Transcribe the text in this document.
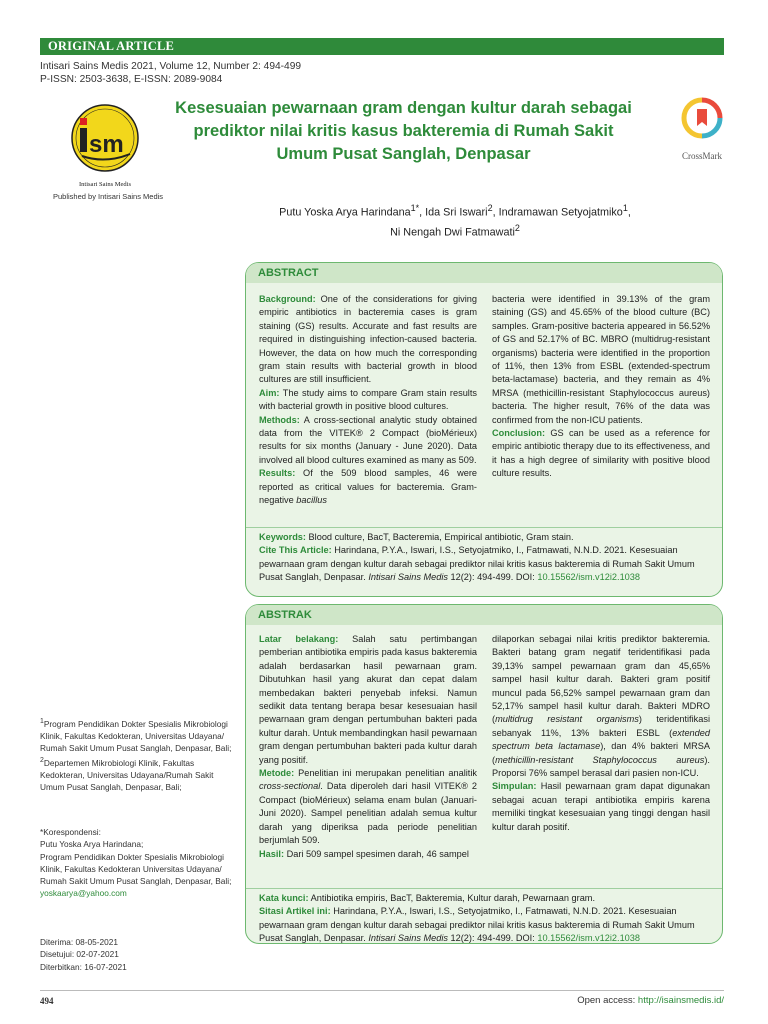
ORIGINAL ARTICLE
Intisari Sains Medis 2021, Volume 12, Number 2: 494-499
P-ISSN: 2503-3638, E-ISSN: 2089-9084
sm
Intisari Sains Medis
Published by Intisari Sains Medis
Kesesuaian pewarnaan gram dengan kultur darah sebagai prediktor nilai kritis kasus bakteremia di Rumah Sakit Umum Pusat Sanglah, Denpasar	CrossMark
Putu Yoska Arya Harindana$^{1*}$, Ida Sri Iswari$^2$, Indramawan Setyojatmiko$^1$,
Ni Nengah Dwi Fatmawati$^2$
ABSTRACT
Background: One of the considerations for giving empiric antibiotics in bacteremia cases is gram staining (GS) results. Accurate and fast results are required in distinguishing infection-caused bacteria. However, the data on how much the corresponding gram stain results with bacterial growth in blood cultures are still insufficient.
Aim: The study aims to compare Gram stain results with bacterial growth in positive blood cultures.
Methods: A cross-sectional analytic study obtained data from the VITEK® 2 Compact (bioMérieux) results for six months (January - June 2020). Data involved all blood cultures examined as many as 509.
Results: Of the 509 blood samples, 46 were reported as critical values for bacteremia. Gram-negative bacillus
bacteria were identified in 39.13% of the gram staining (GS) and 45.65% of the blood culture (BC) samples. Gram-positive bacteria appeared in 56.52% of GS and 52.17% of BC. MBRO (multidrug-resistant organisms) bacteria were identified in the proportion of 11%, then 13% from ESBL (extended-spectrum beta-lactamase) bacteria, and they remain as 4% MRSA (methicillin-resistant Staphylococcus aureus) bacteria. The higher result, 76% of the data was confirmed from the non-ICU patients.
Conclusion: GS can be used as a reference for empiric antibiotic therapy due to its effectiveness, and it has a high degree of similarity with positive blood culture results.
Keywords: Blood culture, BacT, Bacteremia, Empirical antibiotic, Gram stain.
Cite This Article: Harindana, P.Y.A., Iswari, I.S., Setyojatmiko, I., Fatmawati, N.N.D. 2021. Kesesuaian pewarnaan gram dengan kultur darah sebagai prediktor nilai kritis kasus bakteremia di Rumah Sakit Umum Pusat Sanglah, Denpasar. Intisari Sains Medis 12(2): 494-499. DOI: 10.15562/ism.v12i2.1038
ABSTRAK
Latar belakang: Salah satu pertimbangan pemberian antibiotika empiris pada kasus bakteremia adalah berdasarkan hasil pewarnaan gram. Dibutuhkan hasil yang akurat dan cepat dalam membedakan bakteri penyebab infeksi. Namun sedikit data tentang berapa besar kesesuaian hasil pewarnaan gram dengan pertumbuhan bakteri pada kultur darah. Untuk membandingkan hasil pewarnaan gram dengan pertumbuhan bakteri pada kultur darah yang positif.
Metode: Penelitian ini merupakan penelitian analitik cross-sectional. Data diperoleh dari hasil VITEK® 2 Compact (bioMérieux) selama enam bulan (Januari-Juni 2020). Sampel penelitian adalah semua kultur darah yang diperiksa pada periode penelitian berjumlah 509.
Hasil: Dari 509 sampel spesimen darah, 46 sampel
dilaporkan sebagai nilai kritis prediktor bakteremia. Bakteri batang gram negatif teridentifikasi pada 39,13% sampel pewarnaan gram dan 45,65% sampel hasil kultur darah. Bakteri gram positif muncul pada 56,52% sampel pewarnaan gram dan 52,17% sampel hasil kultur darah. Bakteri MDRO (multidrug resistant organisms) teridentifikasi sebanyak 11%, 13% bakteri ESBL (extended spectrum beta lactamase), dan 4% bakteri MRSA (methicillin-resistant Staphylococcus aureus). Proporsi 76% sampel berasal dari pasien non-ICU.
Simpulan: Hasil pewarnaan gram dapat digunakan sebagai acuan terapi antibiotika empiris karena memiliki tingkat kesesuaian yang tinggi dengan hasil kultur darah positif.
Kata kunci: Antibiotika empiris, BacT, Bakteremia, Kultur darah, Pewarnaan gram.
Sitasi Artikel ini: Harindana, P.Y.A., Iswari, I.S., Setyojatmiko, I., Fatmawati, N.N.D. 2021. Kesesuaian pewarnaan gram dengan kultur darah sebagai prediktor nilai kritis kasus bakteremia di Rumah Sakit Umum Pusat Sanglah, Denpasar. Intisari Sains Medis 12(2): 494-499. DOI: 10.15562/ism.v12i2.1038
$^1$Program Pendidikan Dokter Spesialis Mikrobiologi Klinik, Fakultas Kedokteran, Universitas Udayana/ Rumah Sakit Umum Pusat Sanglah, Denpasar, Bali;
$^2$Departemen Mikrobiologi Klinik, Fakultas Kedokteran, Universitas Udayana/Rumah Sakit Umum Pusat Sanglah, Denpasar, Bali;
*Korespondensi:
Putu Yoska Arya Harindana;
Program Pendidikan Dokter Spesialis Mikrobiologi Klinik, Fakultas Kedokteran Universitas Udayana/ Rumah Sakit Umum Pusat Sanglah, Denpasar, Bali;
yoskaarya@yahoo.com
Diterima: 08-05-2021
Disetujui: 02-07-2021
Diterbitkan: 16-07-2021
494	Open access: http://isainsmedis.id/
